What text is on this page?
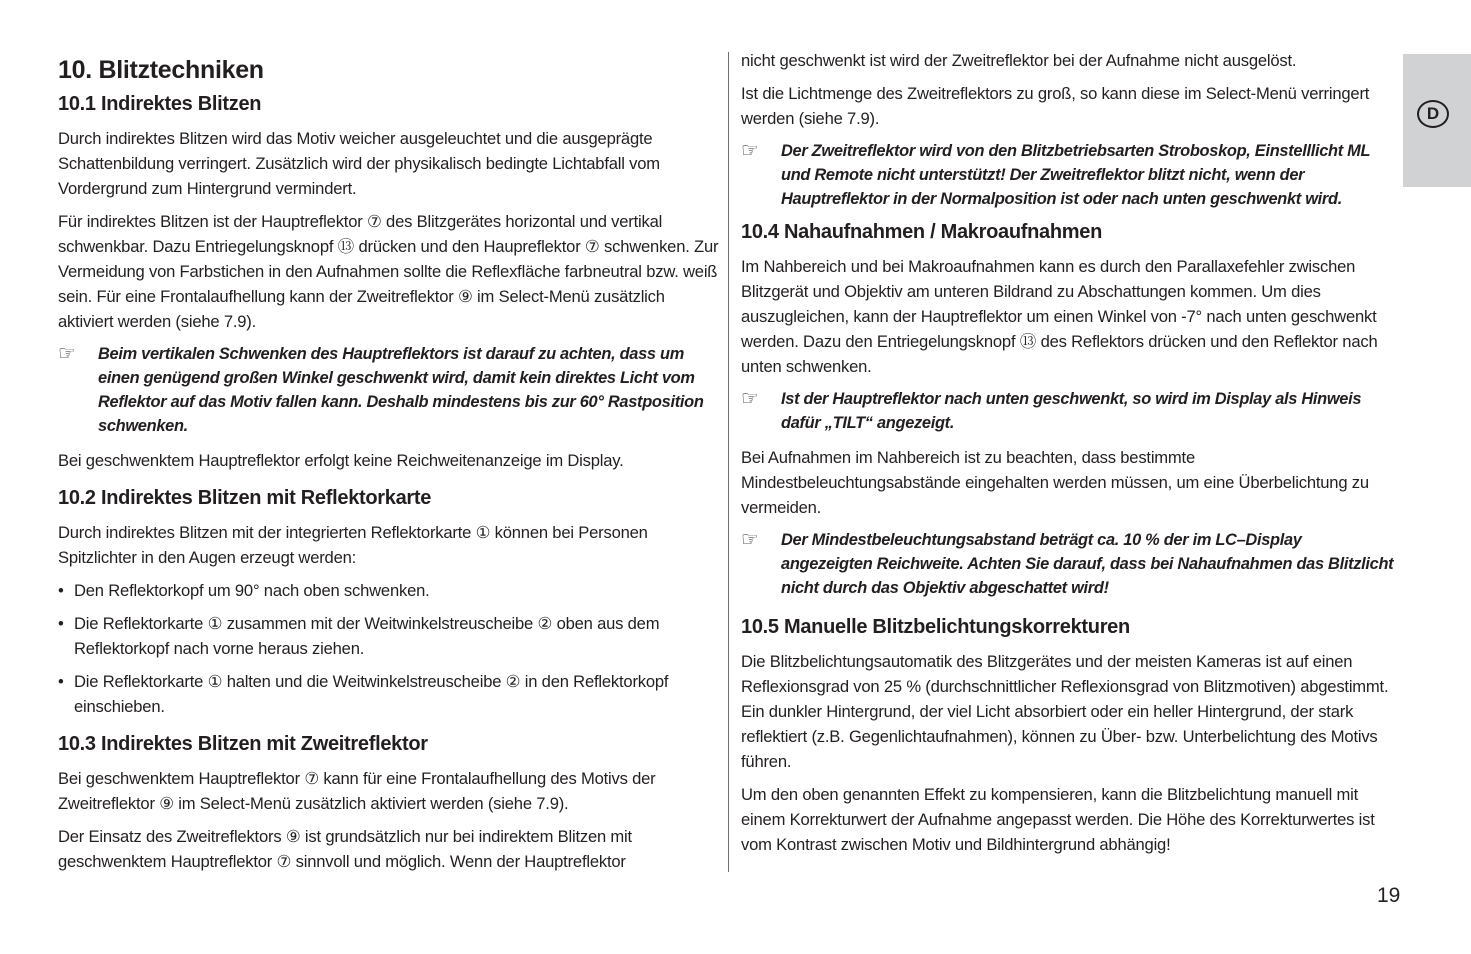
D
10. Blitztechniken
10.1 Indirektes Blitzen

Durch indirektes Blitzen wird das Motiv weicher ausgeleuchtet und die ausgeprägte Schattenbildung verringert. Zusätzlich wird der physikalisch bedingte Lichtabfall vom Vordergrund zum Hintergrund vermindert.

Für indirektes Blitzen ist der Hauptreflektor ⑦ des Blitzgerätes horizontal und vertikal schwenkbar. Dazu Entriegelungsknopf ⑬ drücken und den Haupreflektor ⑦ schwenken. Zur Vermeidung von Farbstichen in den Aufnahmen sollte die Reflexfläche farbneutral bzw. weiß sein. Für eine Frontalaufhellung kann der Zweitreflektor ⑨ im Select-Menü zusätzlich aktiviert werden (siehe 7.9).

☞	Beim vertikalen Schwenken des Hauptreflektors ist darauf zu achten, dass um einen genügend großen Winkel geschwenkt wird, damit kein direktes Licht vom Reflektor auf das Motiv fallen kann. Deshalb mindestens bis zur 60° Rastposition schwenken.

Bei geschwenktem Hauptreflektor erfolgt keine Reichweitenanzeige im Display.

10.2 Indirektes Blitzen mit Reflektorkarte

Durch indirektes Blitzen mit der integrierten Reflektorkarte ① können bei Personen Spitzlichter in den Augen erzeugt werden:

• Den Reflektorkopf um 90° nach oben schwenken.
• Die Reflektorkarte ① zusammen mit der Weitwinkelstreuscheibe ② oben aus dem Reflektorkopf nach vorne heraus ziehen.
• Die Reflektorkarte ① halten und die Weitwinkelstreuscheibe ② in den Reflektorkopf einschieben.
10.3 Indirektes Blitzen mit Zweitreflektor

Bei geschwenktem Hauptreflektor ⑦ kann für eine Frontalaufhellung des Motivs der Zweitreflektor ⑨ im Select-Menü zusätzlich aktiviert werden (siehe 7.9).

Der Einsatz des Zweitreflektors ⑨ ist grundsätzlich nur bei indirektem Blitzen mit geschwenktem Hauptreflektor ⑦ sinnvoll und möglich. Wenn der Hauptreflektor

nicht geschwenkt ist wird der Zweitreflektor bei der Aufnahme nicht ausgelöst.

Ist die Lichtmenge des Zweitreflektors zu groß, so kann diese im Select-Menü verringert werden (siehe 7.9).

☞	Der Zweitreflektor wird von den Blitzbetriebsarten Stroboskop, Einstelllicht ML und Remote nicht unterstützt! Der Zweitreflektor blitzt nicht, wenn der Hauptreflektor in der Normalposition ist oder nach unten geschwenkt wird.
10.4 Nahaufnahmen / Makroaufnahmen

Im Nahbereich und bei Makroaufnahmen kann es durch den Parallaxefehler zwischen Blitzgerät und Objektiv am unteren Bildrand zu Abschattungen kommen. Um dies auszugleichen, kann der Hauptreflektor um einen Winkel von -7° nach unten geschwenkt werden. Dazu den Entriegelungsknopf ⑬ des Reflektors drücken und den Reflektor nach unten schwenken.

☞	Ist der Hauptreflektor nach unten geschwenkt, so wird im Display als Hinweis dafür „TILT“ angezeigt.

Bei Aufnahmen im Nahbereich ist zu beachten, dass bestimmte Mindestbeleuchtungsabstände eingehalten werden müssen, um eine Überbelichtung zu vermeiden.

☞	Der Mindestbeleuchtungsabstand beträgt ca. 10 % der im LC–Display angezeigten Reichweite. Achten Sie darauf, dass bei Nahaufnahmen das Blitzlicht nicht durch das Objektiv abgeschattet wird!
10.5 Manuelle Blitzbelichtungskorrekturen

Die Blitzbelichtungsautomatik des Blitzgerätes und der meisten Kameras ist auf einen Reflexionsgrad von 25 % (durchschnittlicher Reflexionsgrad von Blitzmotiven) abgestimmt. Ein dunkler Hintergrund, der viel Licht absorbiert oder ein heller Hintergrund, der stark reflektiert (z.B. Gegenlichtaufnahmen), können zu Über- bzw. Unterbelichtung des Motivs führen.

Um den oben genannten Effekt zu kompensieren, kann die Blitzbelichtung manuell mit einem Korrekturwert der Aufnahme angepasst werden. Die Höhe des Korrekturwertes ist vom Kontrast zwischen Motiv und Bildhintergrund abhängig!

19
